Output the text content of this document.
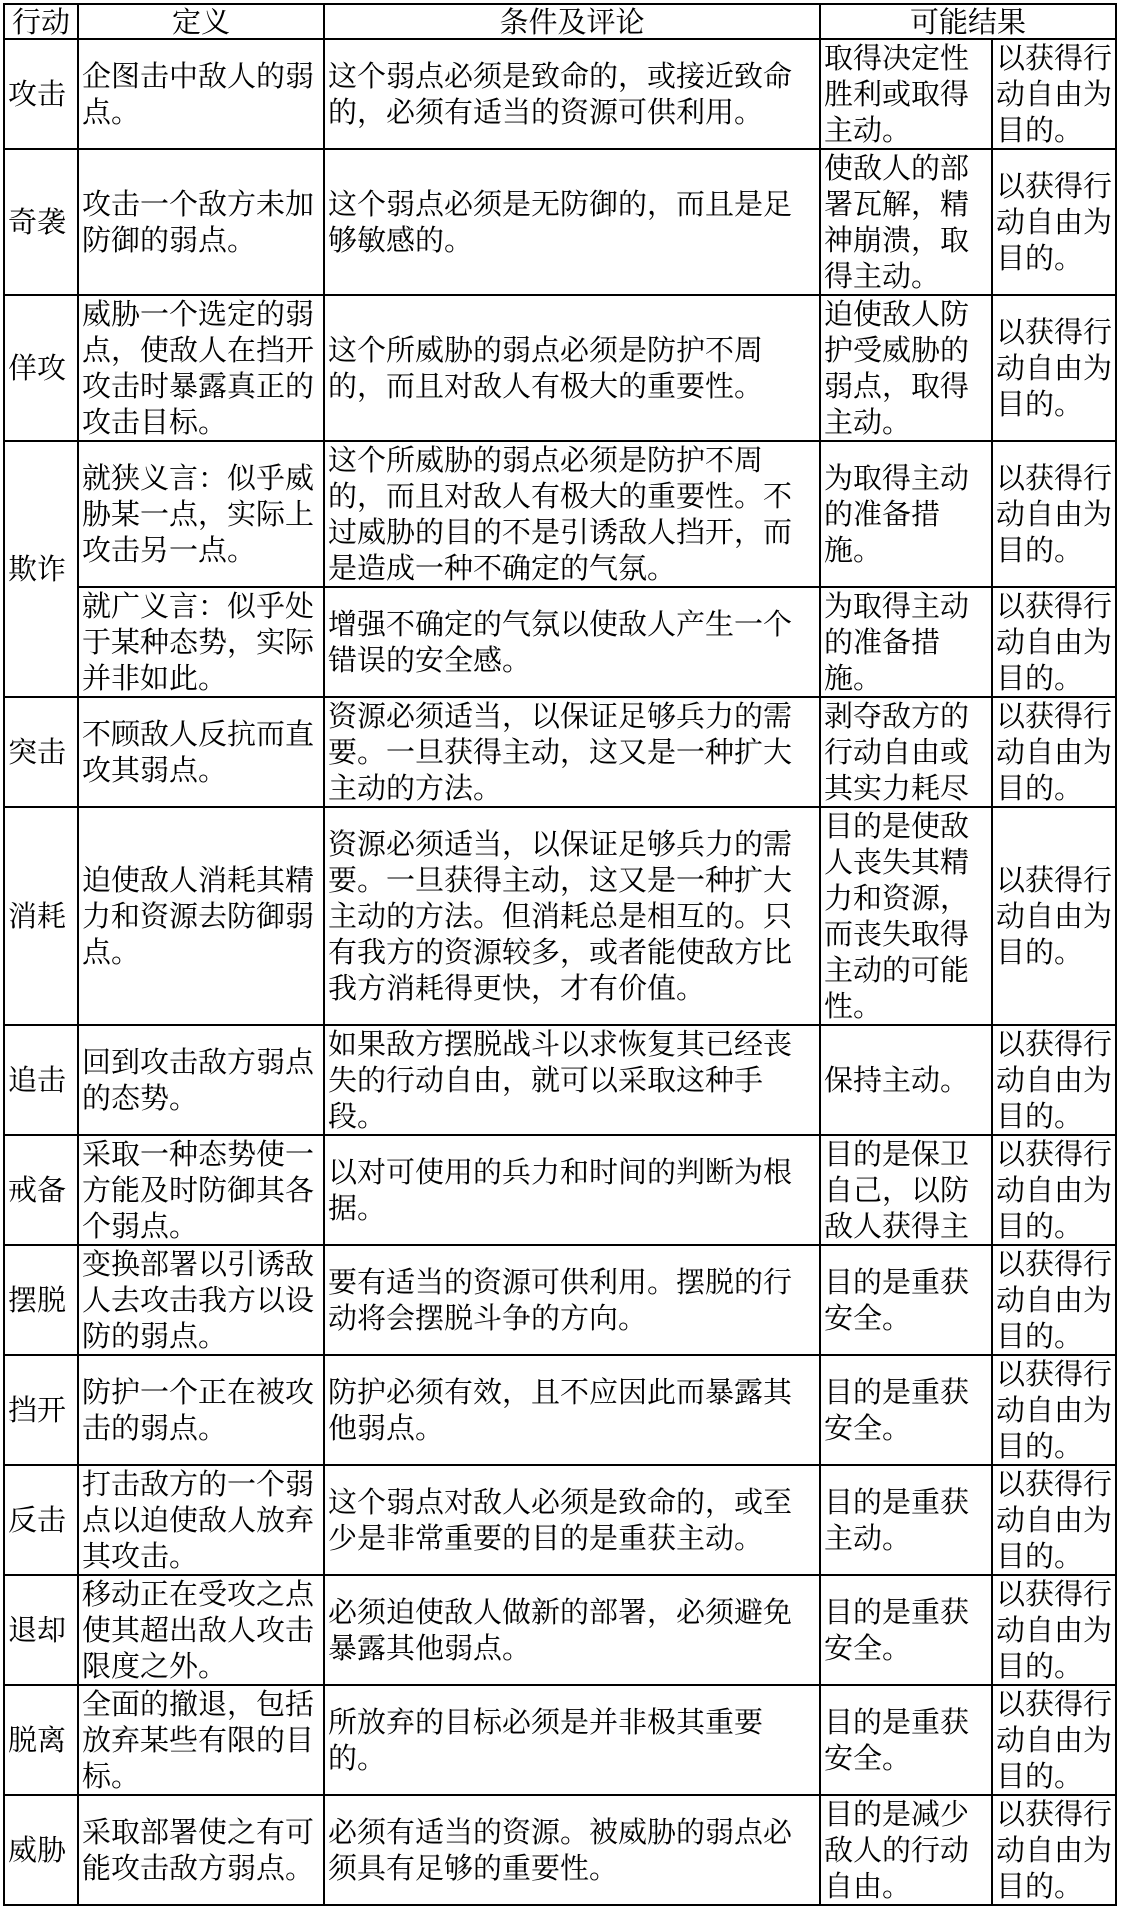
行动	定义	条件及评论	可能结果	
攻击	企图击中敌人的弱点。	这个弱点必须是致命的，或接近致命的，必须有适当的资源可供利用。	取得决定性胜利或取得主动。	以获得行动自由为目的。
奇袭	攻击一个敌方未加防御的弱点。	这个弱点必须是无防御的，而且是足够敏感的。	使敌人的部署瓦解，精神崩溃，取得主动。	以获得行动自由为目的。
佯攻	威胁一个选定的弱点，使敌人在挡开攻击时暴露真正的攻击目标。	这个所威胁的弱点必须是防护不周的，而且对敌人有极大的重要性。	迫使敌人防护受威胁的弱点，取得主动。	以获得行动自由为目的。
欺诈	就狭义言：似乎威胁某一点，实际上攻击另一点。	这个所威胁的弱点必须是防护不周的，而且对敌人有极大的重要性。不过威胁的目的不是引诱敌人挡开，而是造成一种不确定的气氛。	为取得主动的准备措施。	以获得行动自由为目的。
	就广义言：似乎处于某种态势，实际并非如此。	增强不确定的气氛以使敌人产生一个错误的安全感。	为取得主动的准备措施。	以获得行动自由为目的。
突击	不顾敌人反抗而直攻其弱点。	资源必须适当，以保证足够兵力的需要。一旦获得主动，这又是一种扩大主动的方法。	剥夺敌方的行动自由或其实力耗尽	以获得行动自由为目的。
消耗	迫使敌人消耗其精力和资源去防御弱点。	资源必须适当，以保证足够兵力的需要。一旦获得主动，这又是一种扩大主动的方法。但消耗总是相互的。只有我方的资源较多，或者能使敌方比我方消耗得更快，才有价值。	目的是使敌人丧失其精力和资源，而丧失取得主动的可能性。	以获得行动自由为目的。
追击	回到攻击敌方弱点的态势。	如果敌方摆脱战斗以求恢复其已经丧失的行动自由，就可以采取这种手段。	保持主动。	以获得行动自由为目的。
戒备	采取一种态势使一方能及时防御其各个弱点。	以对可使用的兵力和时间的判断为根据。	目的是保卫自己，以防敌人获得主	以获得行动自由为目的。
摆脱	变换部署以引诱敌人去攻击我方以设防的弱点。	要有适当的资源可供利用。摆脱的行动将会摆脱斗争的方向。	目的是重获安全。	以获得行动自由为目的。
挡开	防护一个正在被攻击的弱点。	防护必须有效，且不应因此而暴露其他弱点。	目的是重获安全。	以获得行动自由为目的。
反击	打击敌方的一个弱点以迫使敌人放弃其攻击。	这个弱点对敌人必须是致命的，或至少是非常重要的目的是重获主动。	目的是重获主动。	以获得行动自由为目的。
退却	移动正在受攻之点使其超出敌人攻击限度之外。	必须迫使敌人做新的部署，必须避免暴露其他弱点。	目的是重获安全。	以获得行动自由为目的。
脱离	全面的撤退，包括放弃某些有限的目标。	所放弃的目标必须是并非极其重要的。	目的是重获安全。	以获得行动自由为目的。
威胁	采取部署使之有可能攻击敌方弱点。	必须有适当的资源。被威胁的弱点必须具有足够的重要性。	目的是减少敌人的行动自由。	以获得行动自由为目的。
